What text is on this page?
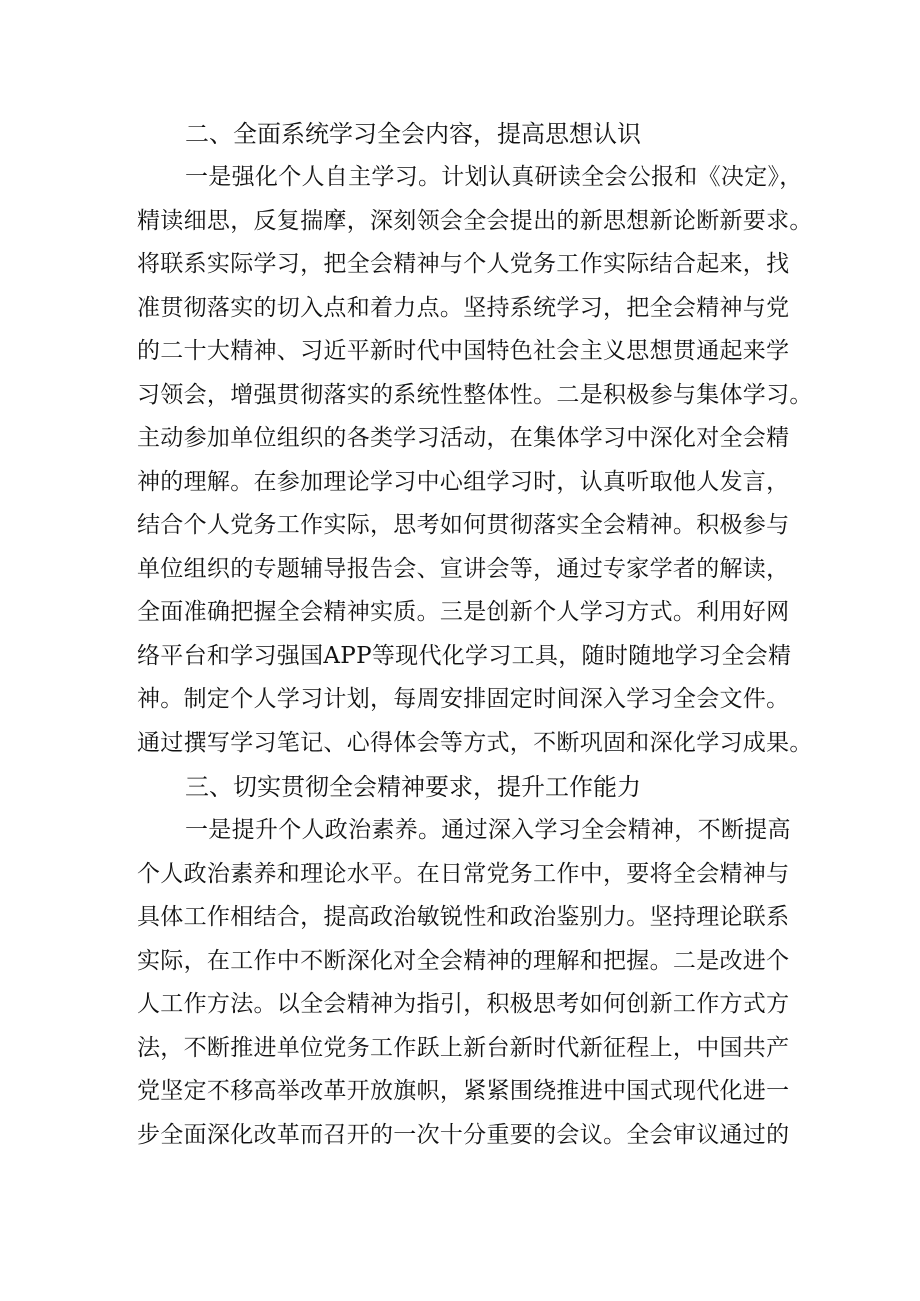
二、全面系统学习全会内容，提高思想认识
一是强化个人自主学习。计划认真研读全会公报和《决定》，
精读细思，反复揣摩，深刻领会全会提出的新思想新论断新要求。
将联系实际学习，把全会精神与个人党务工作实际结合起来，找
准贯彻落实的切入点和着力点。坚持系统学习，把全会精神与党
的二十大精神、习近平新时代中国特色社会主义思想贯通起来学
习领会，增强贯彻落实的系统性整体性。二是积极参与集体学习。
主动参加单位组织的各类学习活动，在集体学习中深化对全会精
神的理解。在参加理论学习中心组学习时，认真听取他人发言，
结合个人党务工作实际，思考如何贯彻落实全会精神。积极参与
单位组织的专题辅导报告会、宣讲会等，通过专家学者的解读，
全面准确把握全会精神实质。三是创新个人学习方式。利用好网
络平台和学习强国APP等现代化学习工具，随时随地学习全会精
神。制定个人学习计划，每周安排固定时间深入学习全会文件。
通过撰写学习笔记、心得体会等方式，不断巩固和深化学习成果。
三、切实贯彻全会精神要求，提升工作能力
一是提升个人政治素养。通过深入学习全会精神，不断提高
个人政治素养和理论水平。在日常党务工作中，要将全会精神与
具体工作相结合，提高政治敏锐性和政治鉴别力。坚持理论联系
实际，在工作中不断深化对全会精神的理解和把握。二是改进个
人工作方法。以全会精神为指引，积极思考如何创新工作方式方
法，不断推进单位党务工作跃上新台新时代新征程上，中国共产
党坚定不移高举改革开放旗帜，紧紧围绕推进中国式现代化进一
步全面深化改革而召开的一次十分重要的会议。全会审议通过的
